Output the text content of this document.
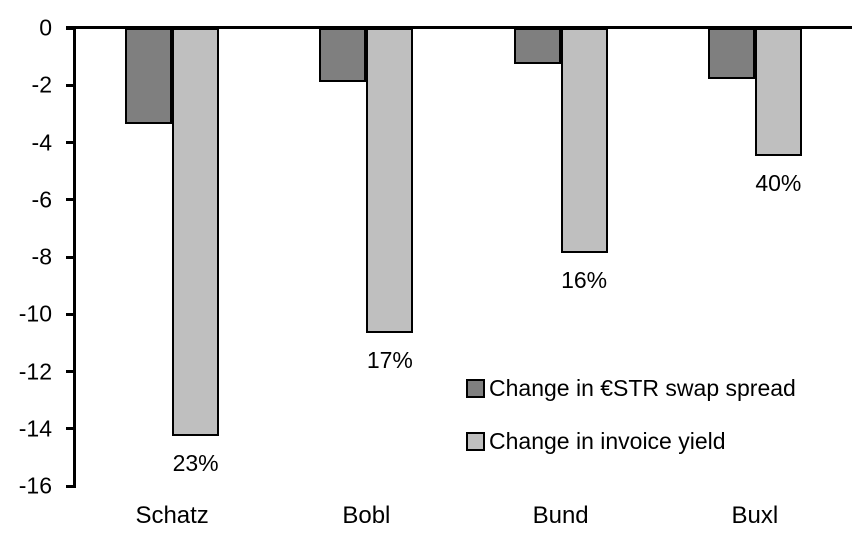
0
-2
-4
-6
-8
-10
-12
-14
-16
23%
17%
16%
40%
Schatz	Bobl	Bund	Buxl
Change in €STR swap spread
Change in invoice yield
